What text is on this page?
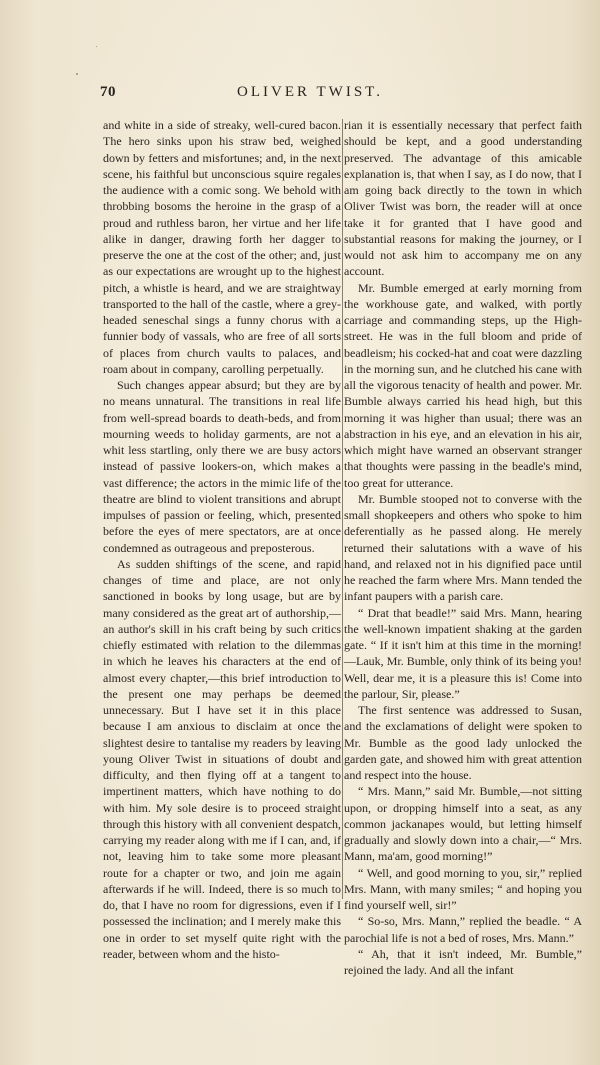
70	OLIVER TWIST.

and white in a side of streaky, well-cured bacon. The hero sinks upon his straw bed, weighed down by fetters and misfortunes; and, in the next scene, his faithful but unconscious squire regales the audience with a comic song. We behold with throbbing bosoms the heroine in the grasp of a proud and ruthless baron, her virtue and her life alike in danger, drawing forth her dagger to preserve the one at the cost of the other; and, just as our expectations are wrought up to the highest pitch, a whistle is heard, and we are straightway transported to the hall of the castle, where a grey-headed seneschal sings a funny chorus with a funnier body of vassals, who are free of all sorts of places from church vaults to palaces, and roam about in company, carolling perpetually.

Such changes appear absurd; but they are by no means unnatural. The transitions in real life from well-spread boards to death-beds, and from mourning weeds to holiday garments, are not a whit less startling, only there we are busy actors instead of passive lookers-on, which makes a vast difference; the actors in the mimic life of the theatre are blind to violent transitions and abrupt impulses of passion or feeling, which, presented before the eyes of mere spectators, are at once condemned as outrageous and preposterous.

As sudden shiftings of the scene, and rapid changes of time and place, are not only sanctioned in books by long usage, but are by many considered as the great art of authorship,—an author's skill in his craft being by such critics chiefly estimated with relation to the dilemmas in which he leaves his characters at the end of almost every chapter,—this brief introduction to the present one may perhaps be deemed unnecessary. But I have set it in this place because I am anxious to disclaim at once the slightest desire to tantalise my readers by leaving young Oliver Twist in situations of doubt and difficulty, and then flying off at a tangent to impertinent matters, which have nothing to do with him. My sole desire is to proceed straight through this history with all convenient despatch, carrying my reader along with me if I can, and, if not, leaving him to take some more pleasant route for a chapter or two, and join me again afterwards if he will. Indeed, there is so much to do, that I have no room for digressions, even if I possessed the inclination; and I merely make this one in order to set myself quite right with the reader, between whom and the histo-

rian it is essentially necessary that perfect faith should be kept, and a good understanding preserved. The advantage of this amicable explanation is, that when I say, as I do now, that I am going back directly to the town in which Oliver Twist was born, the reader will at once take it for granted that I have good and substantial reasons for making the journey, or I would not ask him to accompany me on any account.

Mr. Bumble emerged at early morning from the workhouse gate, and walked, with portly carriage and commanding steps, up the High-street. He was in the full bloom and pride of beadleism; his cocked-hat and coat were dazzling in the morning sun, and he clutched his cane with all the vigorous tenacity of health and power. Mr. Bumble always carried his head high, but this morning it was higher than usual; there was an abstraction in his eye, and an elevation in his air, which might have warned an observant stranger that thoughts were passing in the beadle's mind, too great for utterance.

Mr. Bumble stooped not to converse with the small shopkeepers and others who spoke to him deferentially as he passed along. He merely returned their salutations with a wave of his hand, and relaxed not in his dignified pace until he reached the farm where Mrs. Mann tended the infant paupers with a parish care.

“ Drat that beadle!” said Mrs. Mann, hearing the well-known impatient shaking at the garden gate. “ If it isn't him at this time in the morning!—Lauk, Mr. Bumble, only think of its being you! Well, dear me, it is a pleasure this is! Come into the parlour, Sir, please.”

The first sentence was addressed to Susan, and the exclamations of delight were spoken to Mr. Bumble as the good lady unlocked the garden gate, and showed him with great attention and respect into the house.

“ Mrs. Mann,” said Mr. Bumble,—not sitting upon, or dropping himself into a seat, as any common jackanapes would, but letting himself gradually and slowly down into a chair,—“ Mrs. Mann, ma'am, good morning!”

“ Well, and good morning to you, sir,” replied Mrs. Mann, with many smiles; “ and hoping you find yourself well, sir!”

“ So-so, Mrs. Mann,” replied the beadle. “ A parochial life is not a bed of roses, Mrs. Mann.”

“ Ah, that it isn't indeed, Mr. Bumble,” rejoined the lady. And all the infant
